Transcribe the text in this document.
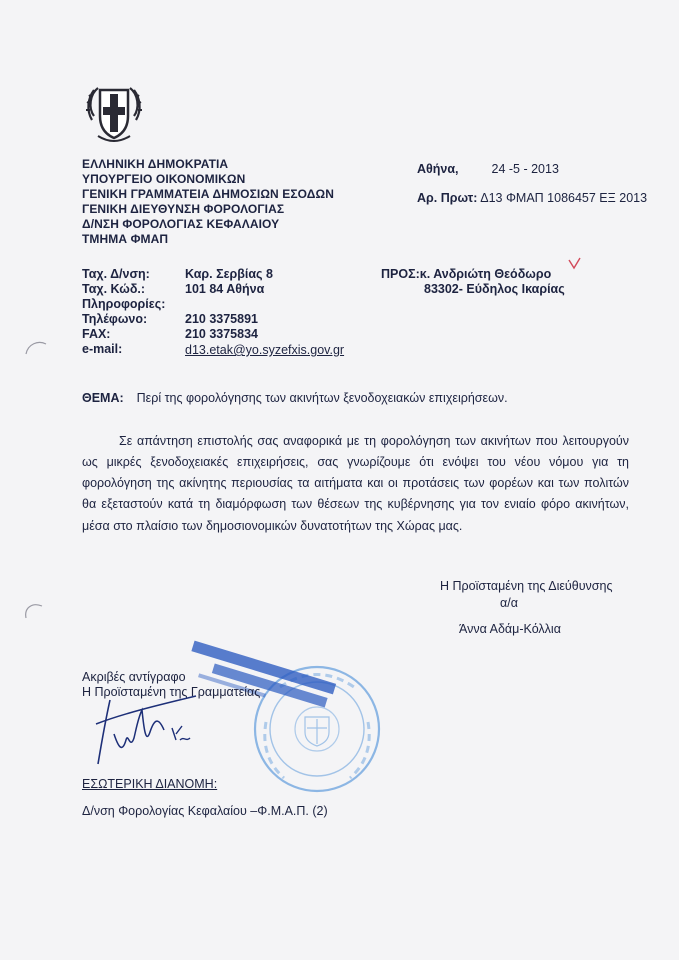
ΕΛΛΗΝΙΚΗ ΔΗΜΟΚΡΑΤΙΑ
ΥΠΟΥΡΓΕΙΟ ΟΙΚΟΝΟΜΙΚΩΝ
ΓΕΝΙΚΗ ΓΡΑΜΜΑΤΕΙΑ ΔΗΜΟΣΙΩΝ ΕΣΟΔΩΝ
ΓΕΝΙΚΗ ΔΙΕΥΘΥΝΣΗ ΦΟΡΟΛΟΓΙΑΣ
Δ/ΝΣΗ ΦΟΡΟΛΟΓΙΑΣ ΚΕΦΑΛΑΙΟΥ
ΤΜΗΜΑ ΦΜΑΠ
Αθήνα,	24 -5 - 2013
Αρ. Πρωτ: Δ13 ΦΜΑΠ 1086457 ΕΞ 2013
Ταχ. Δ/νση:
Ταχ. Κώδ.:
Πληροφορίες:
Τηλέφωνο:
FAX:
e-mail:
Καρ. Σερβίας 8
101 84 Αθήνα
210 3375891
210 3375834
d13.etak@yo.syzefxis.gov.gr
ΠΡΟΣ:κ. Ανδριώτη Θεόδωρο
83302- Εύδηλος Ικαρίας
ΘΕΜΑ: Περί της φορολόγησης των ακινήτων ξενοδοχειακών επιχειρήσεων.
Σε απάντηση επιστολής σας αναφορικά με τη φορολόγηση των ακινήτων που λειτουργούν
ως μικρές ξενοδοχειακές επιχειρήσεις, σας γνωρίζουμε ότι ενόψει του νέου νόμου για τη
φορολόγηση της ακίνητης περιουσίας τα αιτήματα και οι προτάσεις των φορέων και των πολιτών
θα εξεταστούν κατά τη διαμόρφωση των θέσεων της κυβέρνησης για τον ενιαίο φόρο ακινήτων,
μέσα στο πλαίσιο των δημοσιονομικών δυνατοτήτων της Χώρας μας.
Η Προϊσταμένη της Διεύθυνσης
α/α
Άννα Αδάμ-Κόλλια
Ακριβές αντίγραφο
Η Προϊσταμένη της Γραμματείας
ΕΣΩΤΕΡΙΚΗ ΔΙΑΝΟΜΗ:
Δ/νση Φορολογίας Κεφαλαίου –Φ.Μ.Α.Π. (2)
